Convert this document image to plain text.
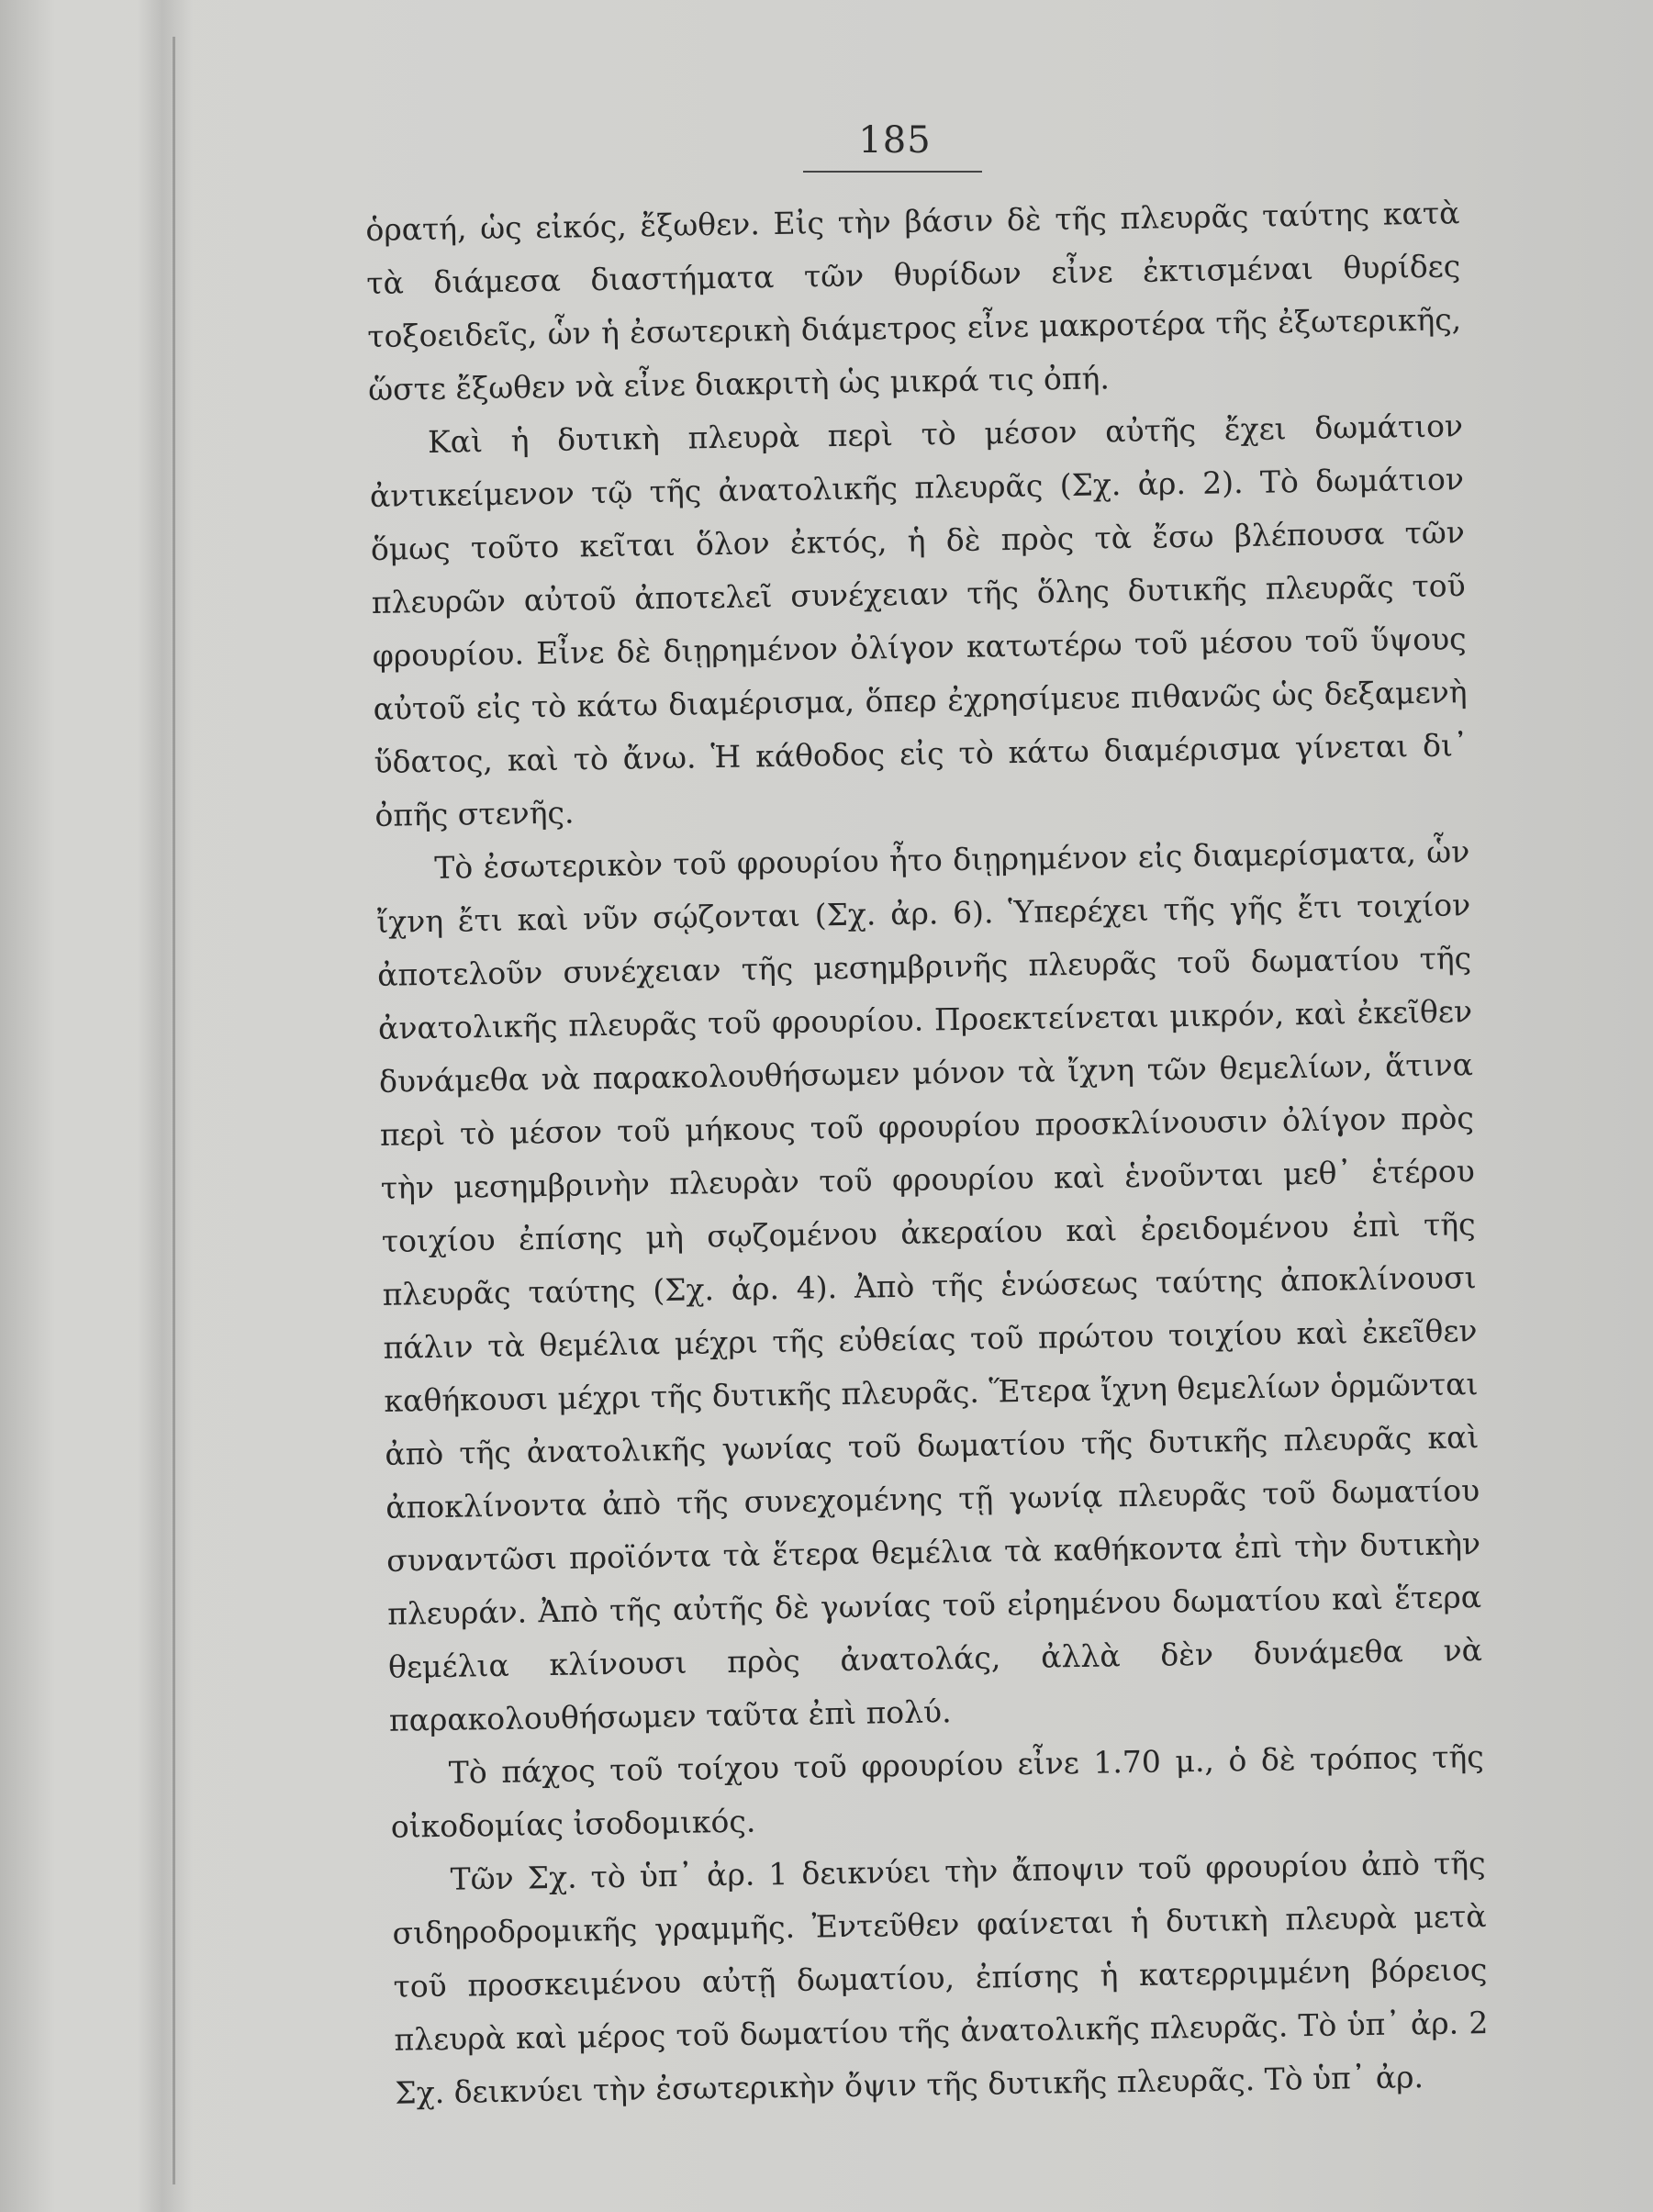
185

ὁρατή, ὡς εἰκός, ἔξωθεν. Εἰς τὴν βάσιν δὲ τῆς πλευρᾶς ταύτης κατὰ τὰ διάμεσα διαστήματα τῶν θυρίδων εἶνε ἐκτισμέναι θυρίδες τοξοειδεῖς, ὧν ἡ ἐσωτερικὴ διάμετρος εἶνε μακροτέρα τῆς ἐξωτερικῆς, ὥστε ἔξωθεν νὰ εἶνε διακριτὴ ὡς μικρά τις ὀπή.

Καὶ ἡ δυτικὴ πλευρὰ περὶ τὸ μέσον αὐτῆς ἔχει δωμάτιον ἀντικείμενον τῷ τῆς ἀνατολικῆς πλευρᾶς (Σχ. ἀρ. 2). Τὸ δωμάτιον ὅμως τοῦτο κεῖται ὅλον ἐκτός, ἡ δὲ πρὸς τὰ ἔσω βλέπουσα τῶν πλευρῶν αὐτοῦ ἀποτελεῖ συνέχειαν τῆς ὅλης δυτικῆς πλευρᾶς τοῦ φρουρίου. Εἶνε δὲ διῃρημένον ὀλίγον κατωτέρω τοῦ μέσου τοῦ ὕψους αὐτοῦ εἰς τὸ κάτω διαμέρισμα, ὅπερ ἐχρησίμευε πιθανῶς ὡς δεξαμενὴ ὕδατος, καὶ τὸ ἄνω. Ἡ κάθοδος εἰς τὸ κάτω διαμέρισμα γίνεται δι᾽ ὀπῆς στενῆς.

Τὸ ἐσωτερικὸν τοῦ φρουρίου ἦτο διῃρημένον εἰς διαμερίσματα, ὧν ἴχνη ἔτι καὶ νῦν σῴζονται (Σχ. ἀρ. 6). Ὑπερέχει τῆς γῆς ἔτι τοιχίον ἀποτελοῦν συνέχειαν τῆς μεσημβρινῆς πλευρᾶς τοῦ δωματίου τῆς ἀνατολικῆς πλευρᾶς τοῦ φρουρίου. Προεκτείνεται μικρόν, καὶ ἐκεῖθεν δυνάμεθα νὰ παρακολουθήσωμεν μόνον τὰ ἴχνη τῶν θεμελίων, ἅτινα περὶ τὸ μέσον τοῦ μήκους τοῦ φρουρίου προσκλίνουσιν ὀλίγον πρὸς τὴν μεσημβρινὴν πλευρὰν τοῦ φρουρίου καὶ ἑνοῦνται μεθ᾽ ἑτέρου τοιχίου ἐπίσης μὴ σῳζομένου ἀκεραίου καὶ ἐρειδομένου ἐπὶ τῆς πλευρᾶς ταύτης (Σχ. ἀρ. 4). Ἀπὸ τῆς ἑνώσεως ταύτης ἀποκλίνουσι πάλιν τὰ θεμέλια μέχρι τῆς εὐθείας τοῦ πρώτου τοιχίου καὶ ἐκεῖθεν καθήκουσι μέχρι τῆς δυτικῆς πλευρᾶς. Ἕτερα ἴχνη θεμελίων ὁρμῶνται ἀπὸ τῆς ἀνατολικῆς γωνίας τοῦ δωματίου τῆς δυτικῆς πλευρᾶς καὶ ἀποκλίνοντα ἀπὸ τῆς συνεχομένης τῇ γωνίᾳ πλευρᾶς τοῦ δωματίου συναντῶσι προϊόντα τὰ ἕτερα θεμέλια τὰ καθήκοντα ἐπὶ τὴν δυτικὴν πλευράν. Ἀπὸ τῆς αὐτῆς δὲ γωνίας τοῦ εἰρημένου δωματίου καὶ ἕτερα θεμέλια κλίνουσι πρὸς ἀνατολάς, ἀλλὰ δὲν δυνάμεθα νὰ παρακολουθήσωμεν ταῦτα ἐπὶ πολύ.

Τὸ πάχος τοῦ τοίχου τοῦ φρουρίου εἶνε 1.70 μ., ὁ δὲ τρόπος τῆς οἰκοδομίας ἰσοδομικός.

Τῶν Σχ. τὸ ὑπ᾽ ἀρ. 1 δεικνύει τὴν ἄποψιν τοῦ φρουρίου ἀπὸ τῆς σιδηροδρομικῆς γραμμῆς. Ἐντεῦθεν φαίνεται ἡ δυτικὴ πλευρὰ μετὰ τοῦ προσκειμένου αὐτῇ δωματίου, ἐπίσης ἡ κατερριμμένη βόρειος πλευρὰ καὶ μέρος τοῦ δωματίου τῆς ἀνατολικῆς πλευρᾶς. Τὸ ὑπ᾽ ἀρ. 2 Σχ. δεικνύει τὴν ἐσωτερικὴν ὄψιν τῆς δυτικῆς πλευρᾶς. Τὸ ὑπ᾽ ἀρ.
